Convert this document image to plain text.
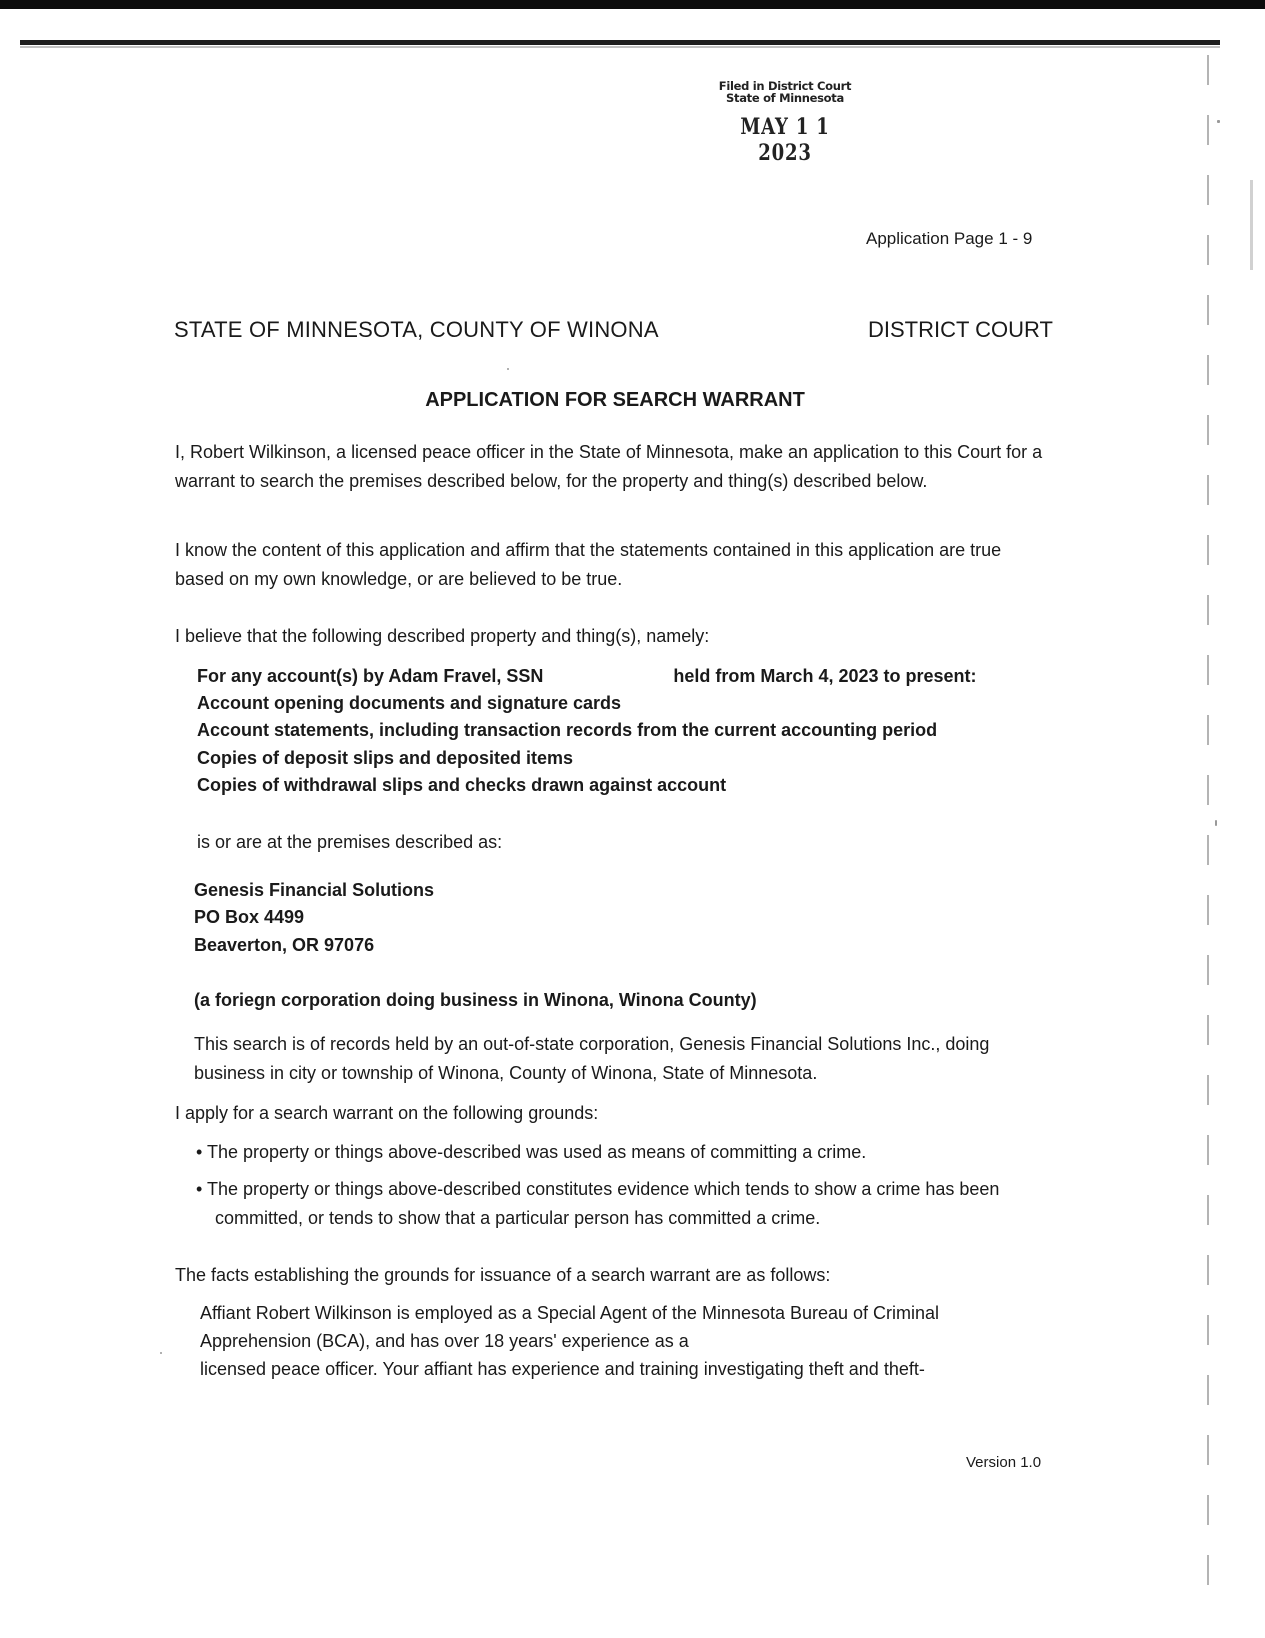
Filed in District Court
State of Minnesota
MAY 1 1 2023
Application Page 1 - 9
STATE OF MINNESOTA, COUNTY OF WINONA	DISTRICT COURT
APPLICATION FOR SEARCH WARRANT
I, Robert Wilkinson, a licensed peace officer in the State of Minnesota, make an application to this Court for a warrant to search the premises described below, for the property and thing(s) described below.
I know the content of this application and affirm that the statements contained in this application are true based on my own knowledge, or are believed to be true.
I believe that the following described property and thing(s), namely:
For any account(s) by Adam Fravel, SSN	held from March 4, 2023 to present:
Account opening documents and signature cards
Account statements, including transaction records from the current accounting period
Copies of deposit slips and deposited items
Copies of withdrawal slips and checks drawn against account
is or are at the premises described as:
Genesis Financial Solutions
PO Box 4499
Beaverton, OR 97076
(a foriegn corporation doing business in Winona, Winona County)
This search is of records held by an out-of-state corporation, Genesis Financial Solutions Inc., doing business in city or township of Winona, County of Winona, State of Minnesota.
I apply for a search warrant on the following grounds:
• The property or things above-described was used as means of committing a crime.
• The property or things above-described constitutes evidence which tends to show a crime has been committed, or tends to show that a particular person has committed a crime.
The facts establishing the grounds for issuance of a search warrant are as follows:
Affiant Robert Wilkinson is employed as a Special Agent of the Minnesota Bureau of Criminal
Apprehension (BCA), and has over 18 years' experience as a
licensed peace officer. Your affiant has experience and training investigating theft and theft-
Version 1.0
